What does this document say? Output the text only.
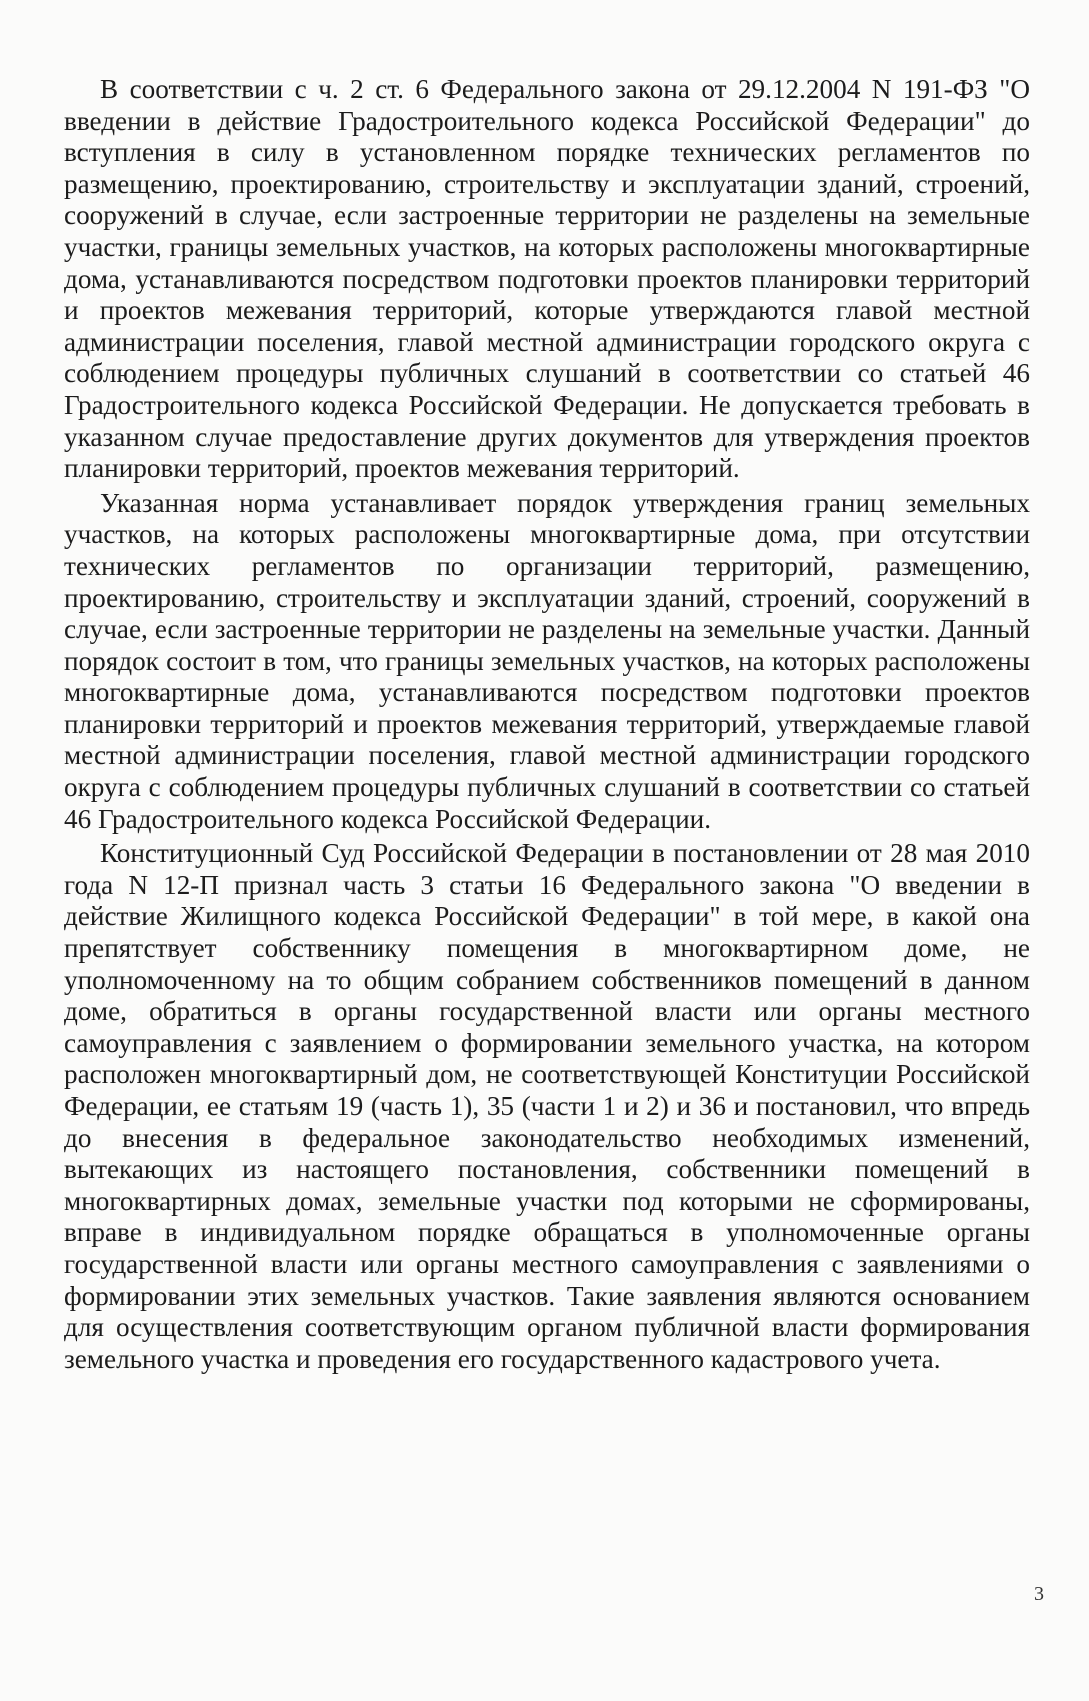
В соответствии с ч. 2 ст. 6 Федерального закона от 29.12.2004 N 191-ФЗ "О введении в действие Градостроительного кодекса Российской Федерации" до вступления в силу в установленном порядке технических регламентов по размещению, проектированию, строительству и эксплуатации зданий, строений, сооружений в случае, если застроенные территории не разделены на земельные участки, границы земельных участков, на которых расположены многоквартирные дома, устанавливаются посредством подготовки проектов планировки территорий и проектов межевания территорий, которые утверждаются главой местной администрации поселения, главой местной администрации городского округа с соблюдением процедуры публичных слушаний в соответствии со статьей 46 Градостроительного кодекса Российской Федерации. Не допускается требовать в указанном случае предоставление других документов для утверждения проектов планировки территорий, проектов межевания территорий.

Указанная норма устанавливает порядок утверждения границ земельных участков, на которых расположены многоквартирные дома, при отсутствии технических регламентов по организации территорий, размещению, проектированию, строительству и эксплуатации зданий, строений, сооружений в случае, если застроенные территории не разделены на земельные участки. Данный порядок состоит в том, что границы земельных участков, на которых расположены многоквартирные дома, устанавливаются посредством подготовки проектов планировки территорий и проектов межевания территорий, утверждаемые главой местной администрации поселения, главой местной администрации городского округа с соблюдением процедуры публичных слушаний в соответствии со статьей 46 Градостроительного кодекса Российской Федерации.

Конституционный Суд Российской Федерации в постановлении от 28 мая 2010 года N 12-П признал часть 3 статьи 16 Федерального закона "О введении в действие Жилищного кодекса Российской Федерации" в той мере, в какой она препятствует собственнику помещения в многоквартирном доме, не уполномоченному на то общим собранием собственников помещений в данном доме, обратиться в органы государственной власти или органы местного самоуправления с заявлением о формировании земельного участка, на котором расположен многоквартирный дом, не соответствующей Конституции Российской Федерации, ее статьям 19 (часть 1), 35 (части 1 и 2) и 36 и постановил, что впредь до внесения в федеральное законодательство необходимых изменений, вытекающих из настоящего постановления, собственники помещений в многоквартирных домах, земельные участки под которыми не сформированы, вправе в индивидуальном порядке обращаться в уполномоченные органы государственной власти или органы местного самоуправления с заявлениями о формировании этих земельных участков. Такие заявления являются основанием для осуществления соответствующим органом публичной власти формирования земельного участка и проведения его государственного кадастрового учета.

3
